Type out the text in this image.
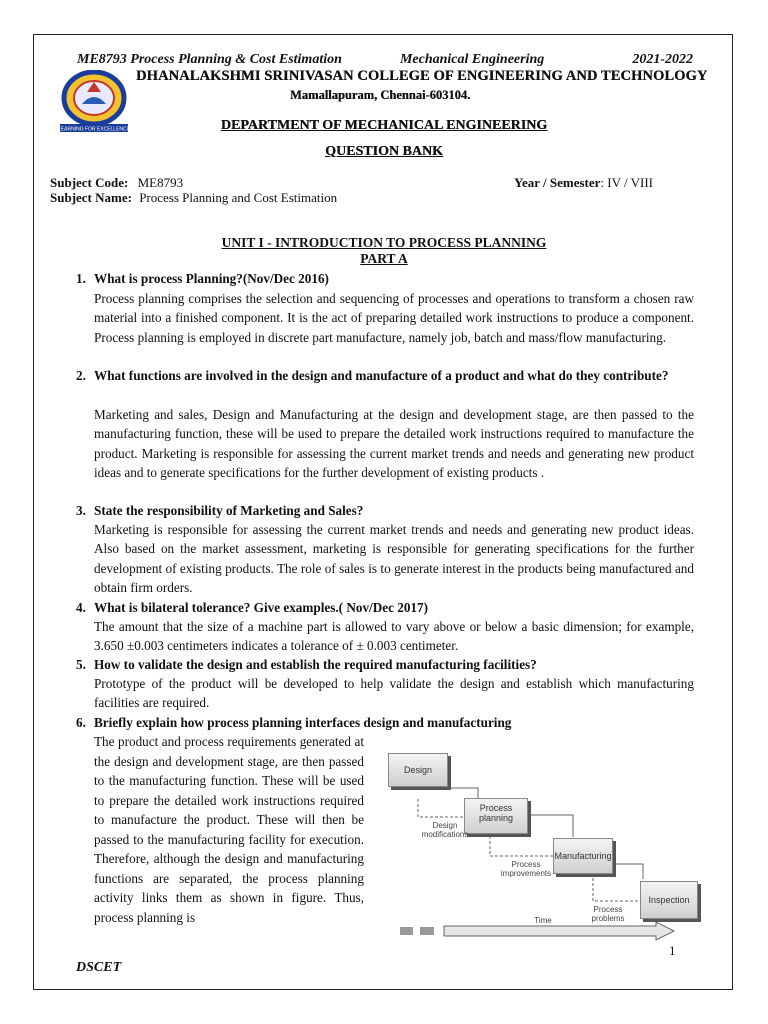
ME8793 Process Planning & Cost Estimation	Mechanical Engineering	2021-2022
LEARNING FOR EXCELLENCE
DHANALAKSHMI SRINIVASAN COLLEGE OF ENGINEERING AND TECHNOLOGY
Mamallapuram, Chennai-603104.
DEPARTMENT OF MECHANICAL ENGINEERING
QUESTION BANK
Subject Code: ME8793	Year / Semester: IV / VIII
Subject Name: Process Planning and Cost Estimation
UNIT I - INTRODUCTION TO PROCESS PLANNING
PART A
1. What is process Planning?(Nov/Dec 2016)
Process planning comprises the selection and sequencing of processes and operations to transform a chosen raw material into a finished component. It is the act of preparing detailed work instructions to produce a component. Process planning is employed in discrete part manufacture, namely job, batch and mass/flow manufacturing.
2. What functions are involved in the design and manufacture of a product and what do they contribute?
Marketing and sales, Design and Manufacturing at the design and development stage, are then passed to the manufacturing function, these will be used to prepare the detailed work instructions required to manufacture the product. Marketing is responsible for assessing the current market trends and needs and generating new product ideas and to generate specifications for the further development of existing products .
3. State the responsibility of Marketing and Sales?
Marketing is responsible for assessing the current market trends and needs and generating new product ideas. Also based on the market assessment, marketing is responsible for generating specifications for the further development of existing products. The role of sales is to generate interest in the products being manufactured and obtain firm orders.
4. What is bilateral tolerance? Give examples.( Nov/Dec 2017)
The amount that the size of a machine part is allowed to vary above or below a basic dimension; for example, 3.650 ±0.003 centimeters indicates a tolerance of ± 0.003 centimeter.
5. How to validate the design and establish the required manufacturing facilities?
Prototype of the product will be developed to help validate the design and establish which manufacturing facilities are required.
6. Briefly explain how process planning interfaces design and manufacturing
The product and process requirements generated at the design and development stage, are then passed to the manufacturing function. These will be used to prepare the detailed work instructions required to manufacture the product. These will then be passed to the manufacturing facility for execution. Therefore, although the design and manufacturing functions are separated, the process planning activity links them as shown in figure. Thus, process planning is
Design
Process planning
Manufacturing
Inspection
Design modifications
Process improvements
Process problems
Time
1
DSCET
